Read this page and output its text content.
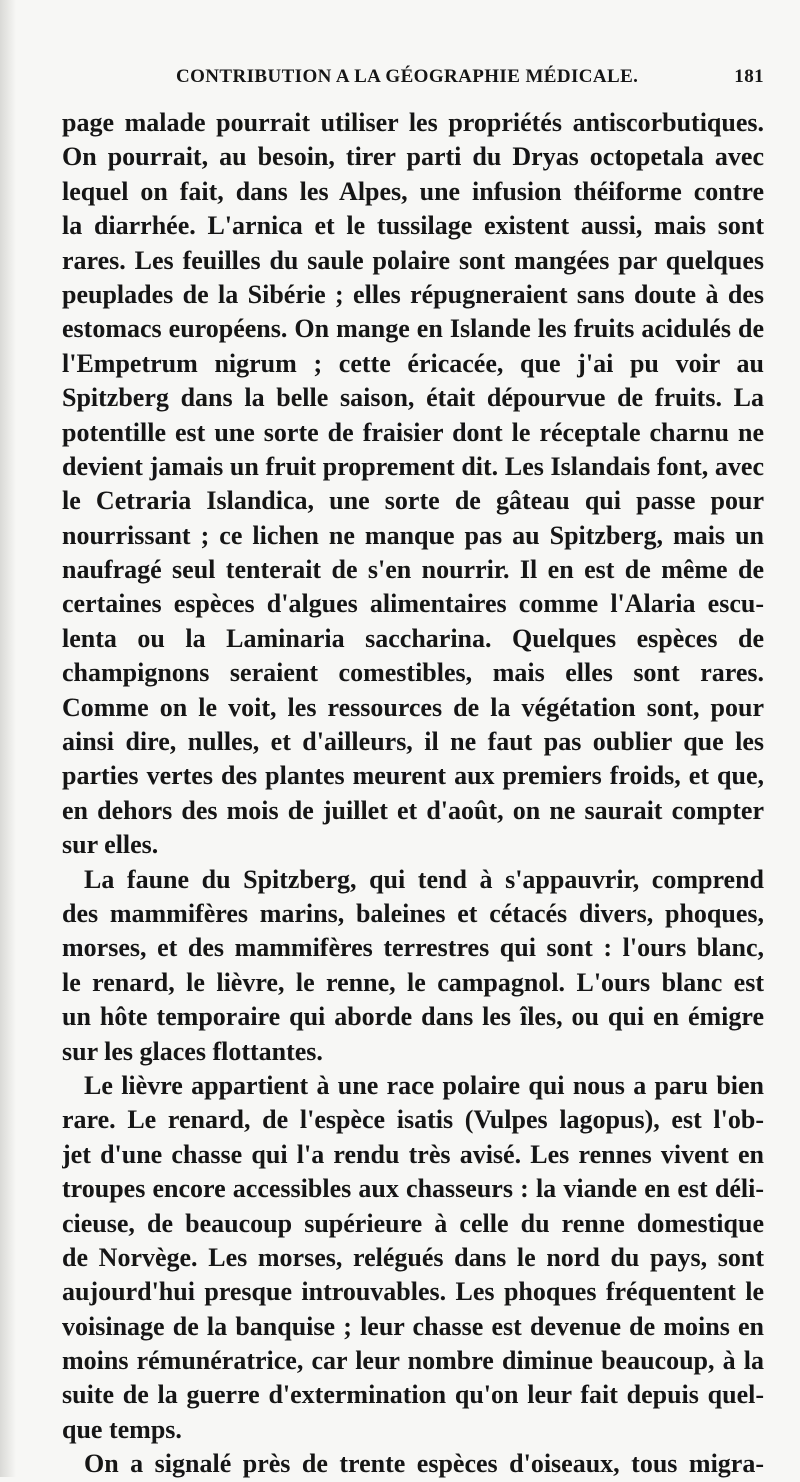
CONTRIBUTION A LA GÉOGRAPHIE MÉDICALE.	181
page malade pourrait utiliser les propriétés antiscorbutiques.
On pourrait, au besoin, tirer parti du Dryas octopetala avec
lequel on fait, dans les Alpes, une infusion théiforme contre
la diarrhée. L'arnica et le tussilage existent aussi, mais sont
rares. Les feuilles du saule polaire sont mangées par quelques
peuplades de la Sibérie ; elles répugneraient sans doute à des
estomacs européens. On mange en Islande les fruits acidulés de
l'Empetrum nigrum ; cette éricacée, que j'ai pu voir au
Spitzberg dans la belle saison, était dépourvue de fruits. La
potentille est une sorte de fraisier dont le réceptale charnu ne
devient jamais un fruit proprement dit. Les Islandais font, avec
le Cetraria Islandica, une sorte de gâteau qui passe pour
nourrissant ; ce lichen ne manque pas au Spitzberg, mais un
naufragé seul tenterait de s'en nourrir. Il en est de même de
certaines espèces d'algues alimentaires comme l'Alaria escu-
lenta ou la Laminaria saccharina. Quelques espèces de
champignons seraient comestibles, mais elles sont rares.
Comme on le voit, les ressources de la végétation sont, pour
ainsi dire, nulles, et d'ailleurs, il ne faut pas oublier que les
parties vertes des plantes meurent aux premiers froids, et que,
en dehors des mois de juillet et d'août, on ne saurait compter
sur elles.
La faune du Spitzberg, qui tend à s'appauvrir, comprend
des mammifères marins, baleines et cétacés divers, phoques,
morses, et des mammifères terrestres qui sont : l'ours blanc,
le renard, le lièvre, le renne, le campagnol. L'ours blanc est
un hôte temporaire qui aborde dans les îles, ou qui en émigre
sur les glaces flottantes.
Le lièvre appartient à une race polaire qui nous a paru bien
rare. Le renard, de l'espèce isatis (Vulpes lagopus), est l'ob-
jet d'une chasse qui l'a rendu très avisé. Les rennes vivent en
troupes encore accessibles aux chasseurs : la viande en est déli-
cieuse, de beaucoup supérieure à celle du renne domestique
de Norvège. Les morses, relégués dans le nord du pays, sont
aujourd'hui presque introuvables. Les phoques fréquentent le
voisinage de la banquise ; leur chasse est devenue de moins en
moins rémunératrice, car leur nombre diminue beaucoup, à la
suite de la guerre d'extermination qu'on leur fait depuis quel-
que temps.
On a signalé près de trente espèces d'oiseaux, tous migra-
